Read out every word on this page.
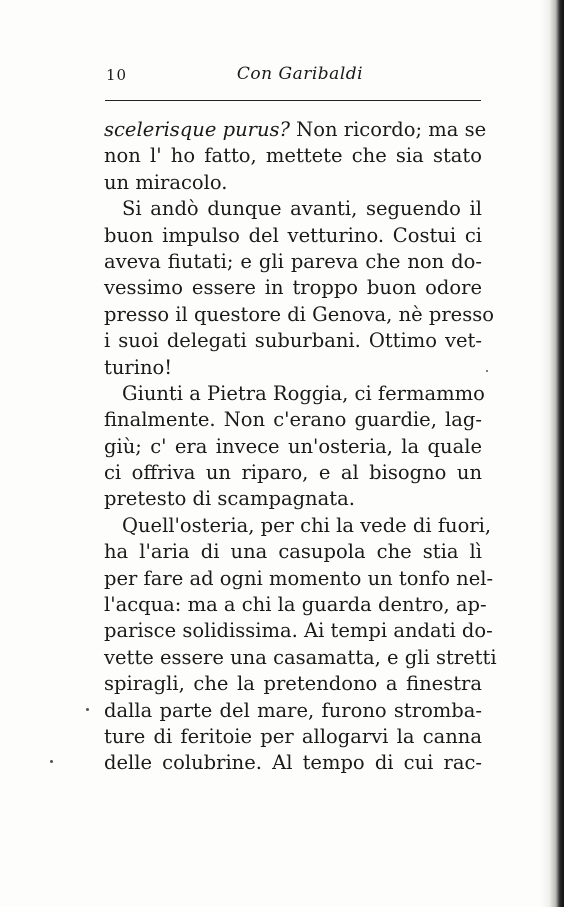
10	Con Garibaldi
scelerisque purus? Non ricordo; ma se
non l' ho fatto, mettete che sia stato
un miracolo.
Si andò dunque avanti, seguendo il
buon impulso del vetturino. Costui ci
aveva fiutati; e gli pareva che non do-
vessimo essere in troppo buon odore
presso il questore di Genova, nè presso
i suoi delegati suburbani. Ottimo vet-
turino!
Giunti a Pietra Roggia, ci fermammo
finalmente. Non c'erano guardie, lag-
giù; c' era invece un'osteria, la quale
ci offriva un riparo, e al bisogno un
pretesto di scampagnata.
Quell'osteria, per chi la vede di fuori,
ha l'aria di una casupola che stia lì
per fare ad ogni momento un tonfo nel-
l'acqua: ma a chi la guarda dentro, ap-
parisce solidissima. Ai tempi andati do-
vette essere una casamatta, e gli stretti
spiragli, che la pretendono a finestra
dalla parte del mare, furono stromba-
ture di feritoie per allogarvi la canna
delle colubrine. Al tempo di cui rac-
